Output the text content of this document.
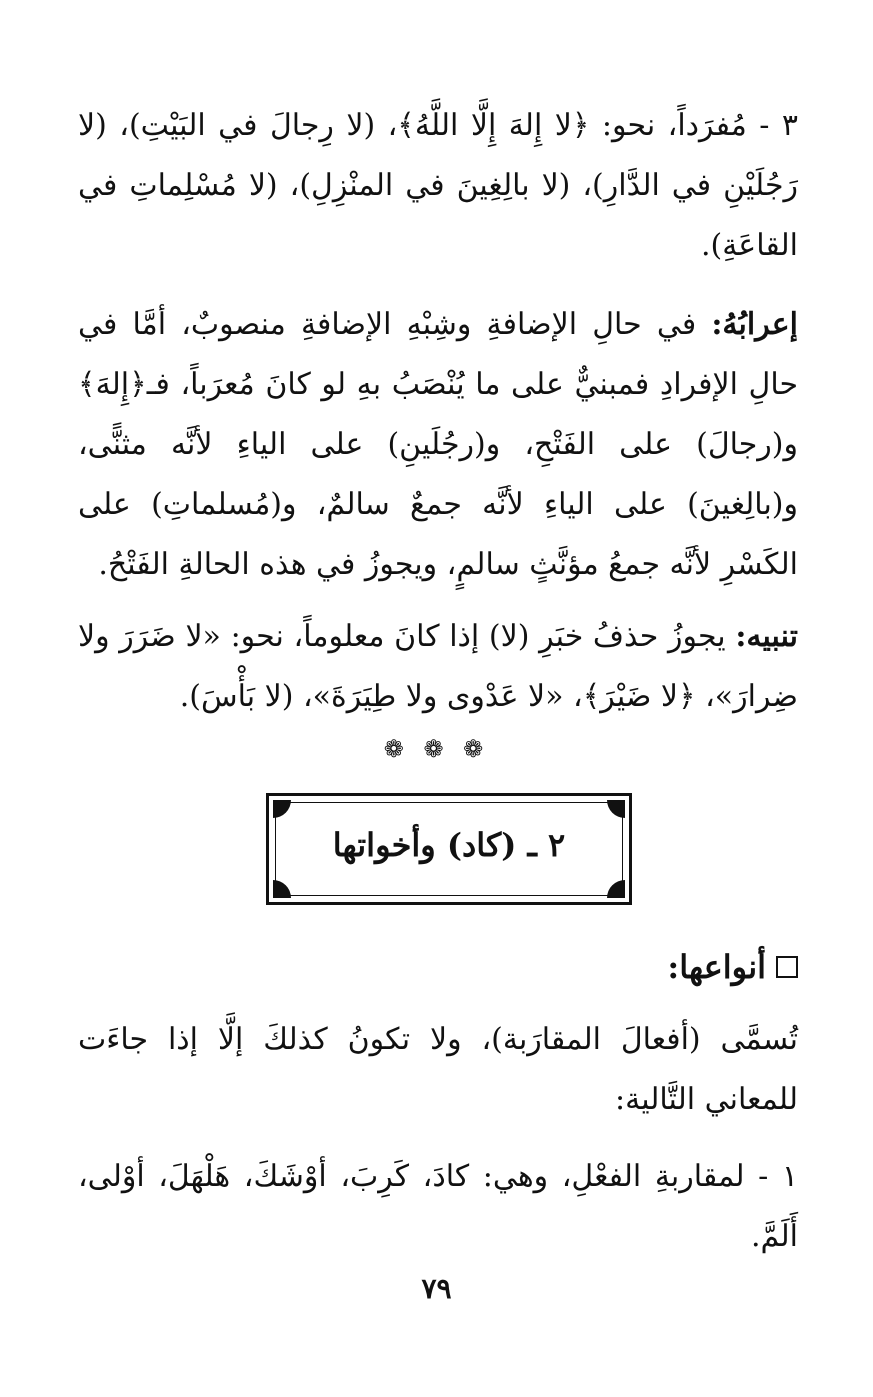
٣ - مُفرَداً، نحو: ﴿لا إِلهَ إِلَّا اللَّهُ﴾، (لا رِجالَ في البَيْتِ)، (لا رَجُلَيْنِ في الدَّارِ)، (لا بالِغِينَ في المنْزِلِ)، (لا مُسْلِماتِ في القاعَةِ).

إعرابُهُ: في حالِ الإضافةِ وشِبْهِ الإضافةِ منصوبٌ، أمَّا في حالِ الإفرادِ فمبنيٌّ على ما يُنْصَبُ بهِ لو كانَ مُعرَباً، فـ﴿إِلهَ﴾ و(رجالَ) على الفَتْحِ، و(رجُلَينِ) على الياءِ لأنَّه مثنًّى، و(بالِغينَ) على الياءِ لأنَّه جمعٌ سالمٌ، و(مُسلماتِ) على الكَسْرِ لأنَّه جمعُ مؤنَّثٍ سالمٍ، ويجوزُ في هذه الحالةِ الفَتْحُ.

تنبيه: يجوزُ حذفُ خبَرِ (لا) إذا كانَ معلوماً، نحو: «لا ضَرَرَ ولا ضِرارَ»، ﴿لا ضَيْرَ﴾، «لا عَدْوى ولا طِيَرَةَ»، (لا بَأْسَ).

❁ ❁ ❁
٢ ـ (كاد) وأخواتها
أنواعها:

تُسمَّى (أفعالَ المقارَبة)، ولا تكونُ كذلكَ إلَّا إذا جاءَت للمعاني التَّالية:

١ - لمقاربةِ الفعْلِ، وهي: كادَ، كَرِبَ، أوْشَكَ، هَلْهَلَ، أوْلى، أَلَمَّ.

٧٩
